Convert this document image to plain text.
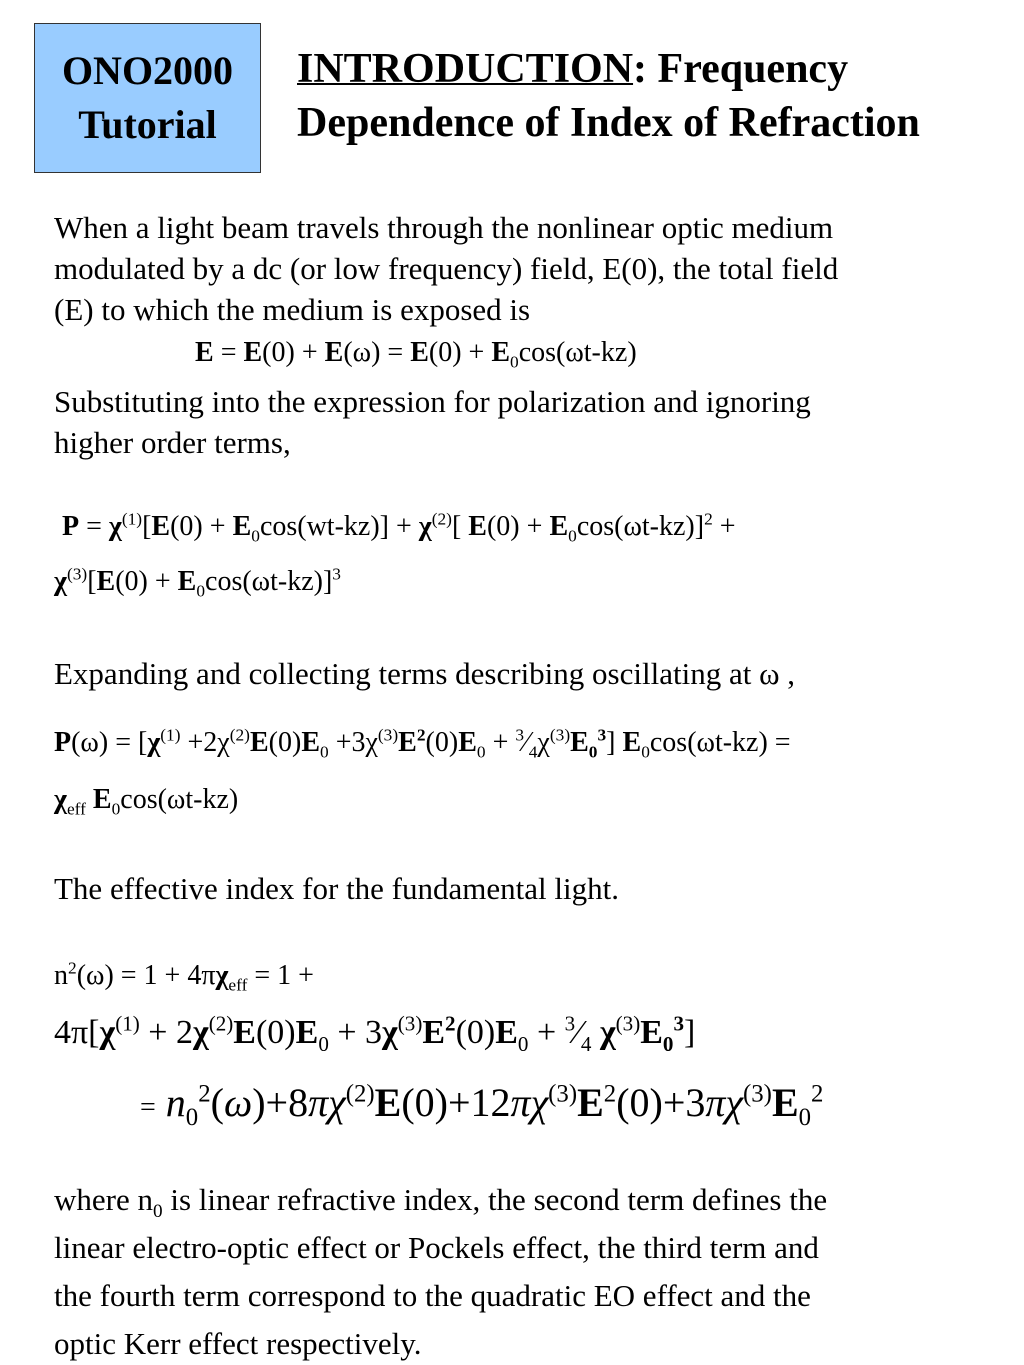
ONO2000
Tutorial
INTRODUCTION: Frequency
Dependence of Index of Refraction
When a light beam travels through the nonlinear optic medium
modulated by a dc (or low frequency) field, E(0), the total field
(E) to which the medium is exposed is
$E = E(0) + E(\omega) = E(0) + E_0\cos(\omega t-kz)$
Substituting into the expression for polarization and ignoring
higher order terms,
$P = \chi^{(1)}[E(0) + E_0\cos(wt-kz)] + \chi^{(2)}$[ $E(0) + E_0\cos(\omega t-kz)]^2$ +
$\chi^{(3)}[E(0) + E_0\cos(\omega t-kz)]^3$
Expanding and collecting terms describing oscillating at ω ,
$P(\omega) = [\chi^{(1)} +2\chi^{(2)}E(0)E_0 +3\chi^{(3)}E^2(0)E_0$ + $^3⁄_4\chi^{(3)}E_0^3$] $E_0\cos(\omega t-kz)$ =
$\chi_{eff}$ $E_0\cos(\omega t-kz)$
The effective index for the fundamental light.
$n^2(\omega) = 1 + 4\pi\chi_{eff} = 1$ +
$4\pi[\chi^{(1)} + 2\chi^{(2)}E(0)E_0 + 3\chi^{(3)}E^2(0)E_0$ + $^3⁄_4$ $\chi^{(3)}E_0^3$]
= $n_0^2(\omega)+8\pi\chi^{(2)}E(0)+12\pi\chi^{(3)}E^2(0)+3\pi\chi^{(3)}E_0^2$
where $n_0$ is linear refractive index, the second term defines the
linear electro-optic effect or Pockels effect, the third term and
the fourth term correspond to the quadratic EO effect and the
optic Kerr effect respectively.
